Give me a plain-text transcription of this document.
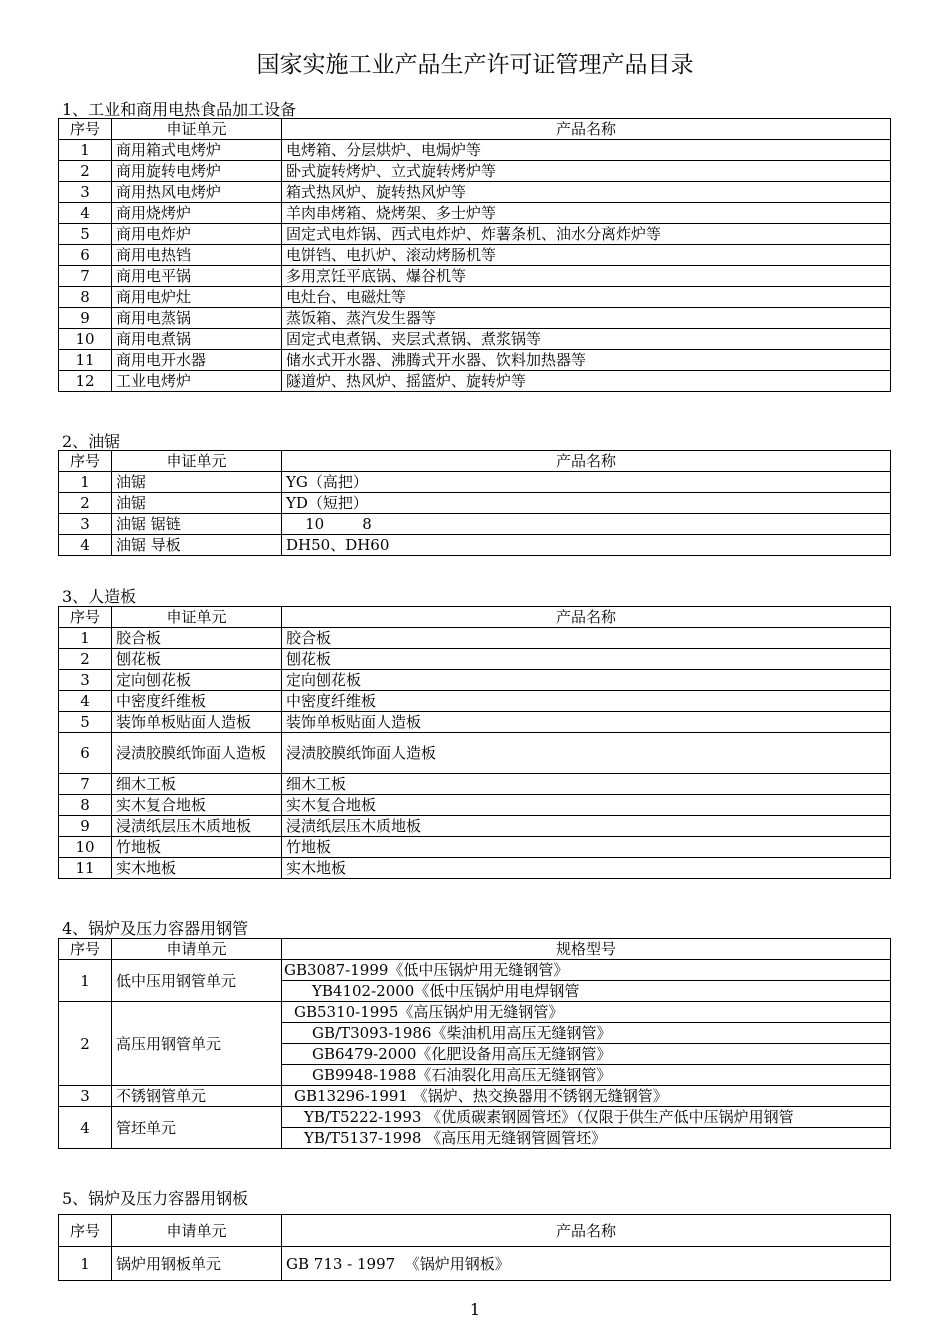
国家实施工业产品生产许可证管理产品目录
1、工业和商用电热食品加工设备
序号	申证单元	产品名称
1	商用箱式电烤炉	电烤箱、分层烘炉、电焗炉等
2	商用旋转电烤炉	卧式旋转烤炉、立式旋转烤炉等
3	商用热风电烤炉	箱式热风炉、旋转热风炉等
4	商用烧烤炉	羊肉串烤箱、烧烤架、多士炉等
5	商用电炸炉	固定式电炸锅、西式电炸炉、炸薯条机、油水分离炸炉等
6	商用电热铛	电饼铛、电扒炉、滚动烤肠机等
7	商用电平锅	多用烹饪平底锅、爆谷机等
8	商用电炉灶	电灶台、电磁灶等
9	商用电蒸锅	蒸饭箱、蒸汽发生器等
10	商用电煮锅	固定式电煮锅、夹层式煮锅、煮浆锅等
11	商用电开水器	储水式开水器、沸腾式开水器、饮料加热器等
12	工业电烤炉	隧道炉、热风炉、摇篮炉、旋转炉等
2、油锯
序号	申证单元	产品名称
1	油锯	YG（高把）
2	油锯	YD（短把）
3	油锯 锯链	10        8
4	油锯 导板	DH50、DH60
3、人造板
序号	申证单元	产品名称
1	胶合板	胶合板
2	刨花板	刨花板
3	定向刨花板	定向刨花板
4	中密度纤维板	中密度纤维板
5	装饰单板贴面人造板	装饰单板贴面人造板
6	浸渍胶膜纸饰面人造板	浸渍胶膜纸饰面人造板
7	细木工板	细木工板
8	实木复合地板	实木复合地板
9	浸渍纸层压木质地板	浸渍纸层压木质地板
10	竹地板	竹地板
11	实木地板	实木地板
4、锅炉及压力容器用钢管
序号	申请单元	规格型号
1	低中压用钢管单元	GB3087-1999《低中压锅炉用无缝钢管》
		YB4102-2000《低中压锅炉用电焊钢管
2	高压用钢管单元	GB5310-1995《高压锅炉用无缝钢管》
		GB/T3093-1986《柴油机用高压无缝钢管》
		GB6479-2000《化肥设备用高压无缝钢管》
		GB9948-1988《石油裂化用高压无缝钢管》
3	不锈钢管单元	GB13296-1991 《锅炉、热交换器用不锈钢无缝钢管》
4	管坯单元	YB/T5222-1993 《优质碳素钢圆管坯》（仅限于供生产低中压锅炉用钢管
		YB/T5137-1998 《高压用无缝钢管圆管坯》
5、锅炉及压力容器用钢板
序号	申请单元	产品名称
1	锅炉用钢板单元	GB 713 - 1997  《锅炉用钢板》
1
